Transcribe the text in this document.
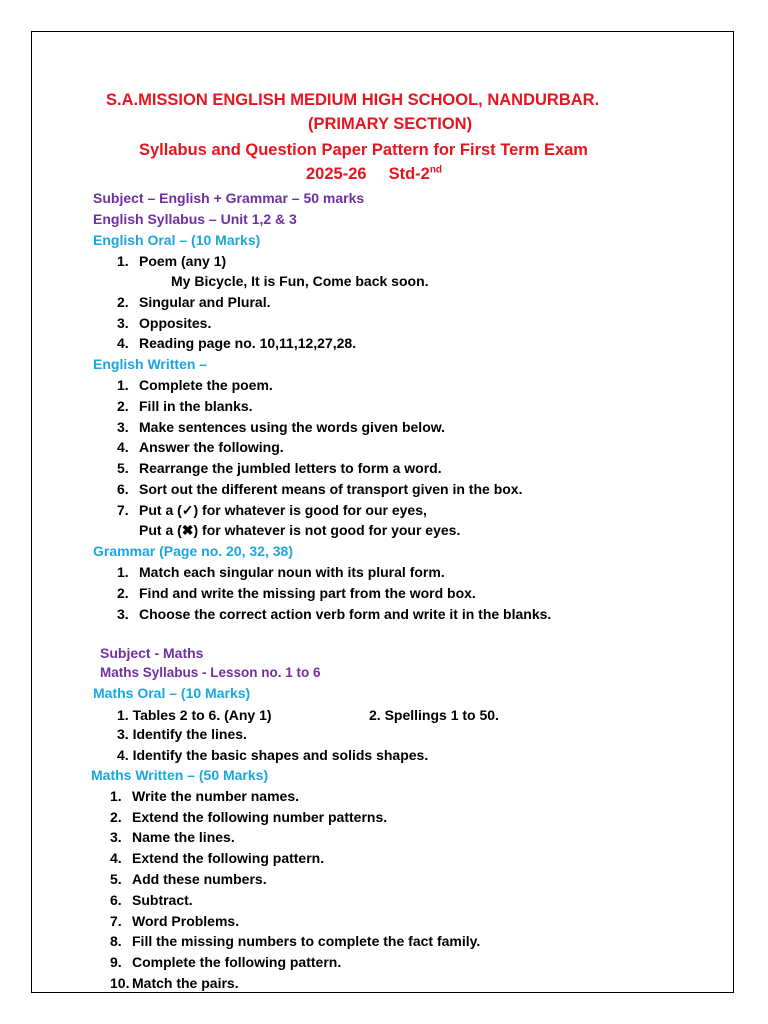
S.A.MISSION ENGLISH MEDIUM HIGH SCHOOL, NANDURBAR.
(PRIMARY SECTION)
Syllabus and Question Paper Pattern for First Term Exam
2025-26 Std-2nd
Subject – English + Grammar – 50 marks
English Syllabus – Unit 1,2 & 3
English Oral – (10 Marks)
1. Poem (any 1)
My Bicycle, It is Fun, Come back soon.
2. Singular and Plural.
3. Opposites.
4. Reading page no. 10,11,12,27,28.
English Written –
1. Complete the poem.
2. Fill in the blanks.
3. Make sentences using the words given below.
4. Answer the following.
5. Rearrange the jumbled letters to form a word.
6. Sort out the different means of transport given in the box.
7. Put a (✓) for whatever is good for our eyes,
Put a (✖) for whatever is not good for your eyes.
Grammar (Page no. 20, 32, 38)
1. Match each singular noun with its plural form.
2. Find and write the missing part from the word box.
3. Choose the correct action verb form and write it in the blanks.
Subject - Maths
Maths Syllabus - Lesson no. 1 to 6
Maths Oral – (10 Marks)
1. Tables 2 to 6. (Any 1)	2. Spellings 1 to 50.
3. Identify the lines.
4. Identify the basic shapes and solids shapes.
Maths Written – (50 Marks)
1. Write the number names.
2. Extend the following number patterns.
3. Name the lines.
4. Extend the following pattern.
5. Add these numbers.
6. Subtract.
7. Word Problems.
8. Fill the missing numbers to complete the fact family.
9. Complete the following pattern.
10. Match the pairs.
